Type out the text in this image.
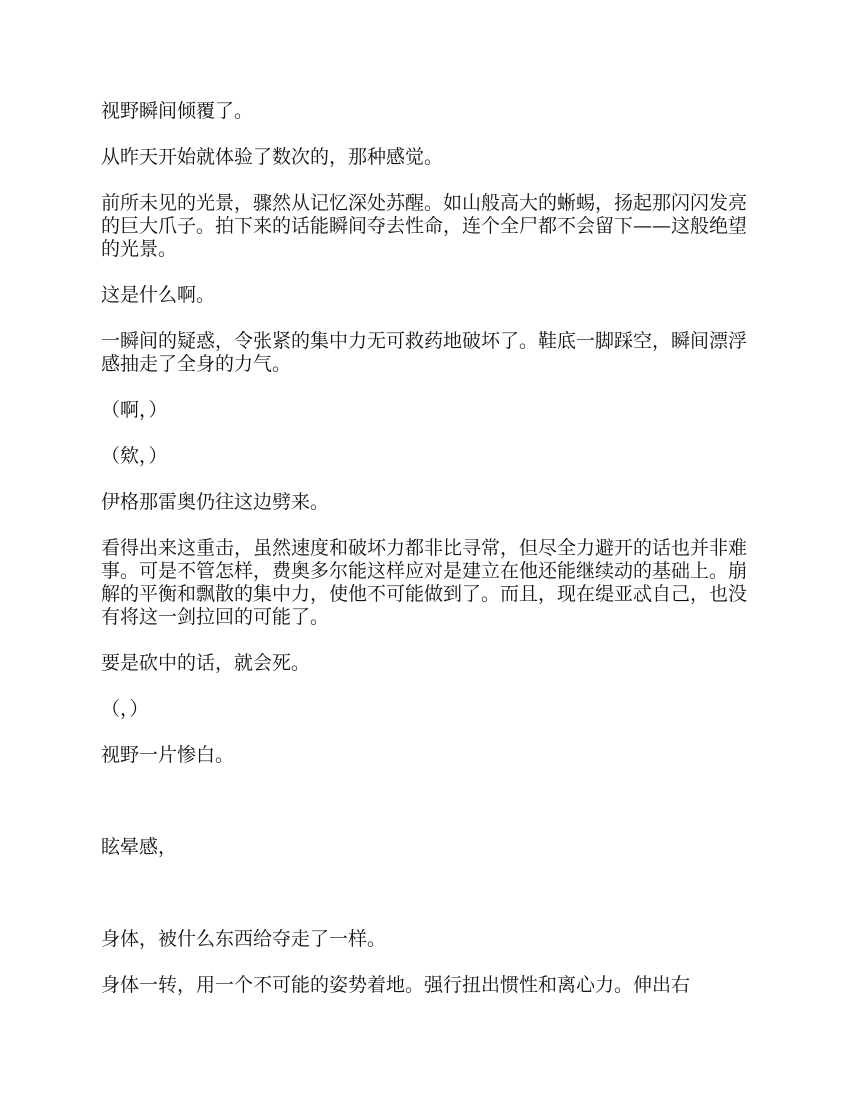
视野瞬间倾覆了。

从昨天开始就体验了数次的，那种感觉。

前所未见的光景，骤然从记忆深处苏醒。如山般高大的蜥蜴，扬起那闪闪发亮的巨大爪子。拍下来的话能瞬间夺去性命，连个全尸都不会留下——这般绝望的光景。

这是什么啊。

一瞬间的疑惑，令张紧的集中力无可救药地破坏了。鞋底一脚踩空，瞬间漂浮感抽走了全身的力气。

（啊，）

（欸，）

伊格那雷奥仍往这边劈来。

看得出来这重击，虽然速度和破坏力都非比寻常，但尽全力避开的话也并非难事。可是不管怎样，费奥多尔能这样应对是建立在他还能继续动的基础上。崩解的平衡和飘散的集中力，使他不可能做到了。而且，现在缇亚忒自己，也没有将这一剑拉回的可能了。

要是砍中的话，就会死。

（，）

视野一片惨白。

眩晕感，

身体，被什么东西给夺走了一样。

身体一转，用一个不可能的姿势着地。强行扭出惯性和离心力。伸出右
